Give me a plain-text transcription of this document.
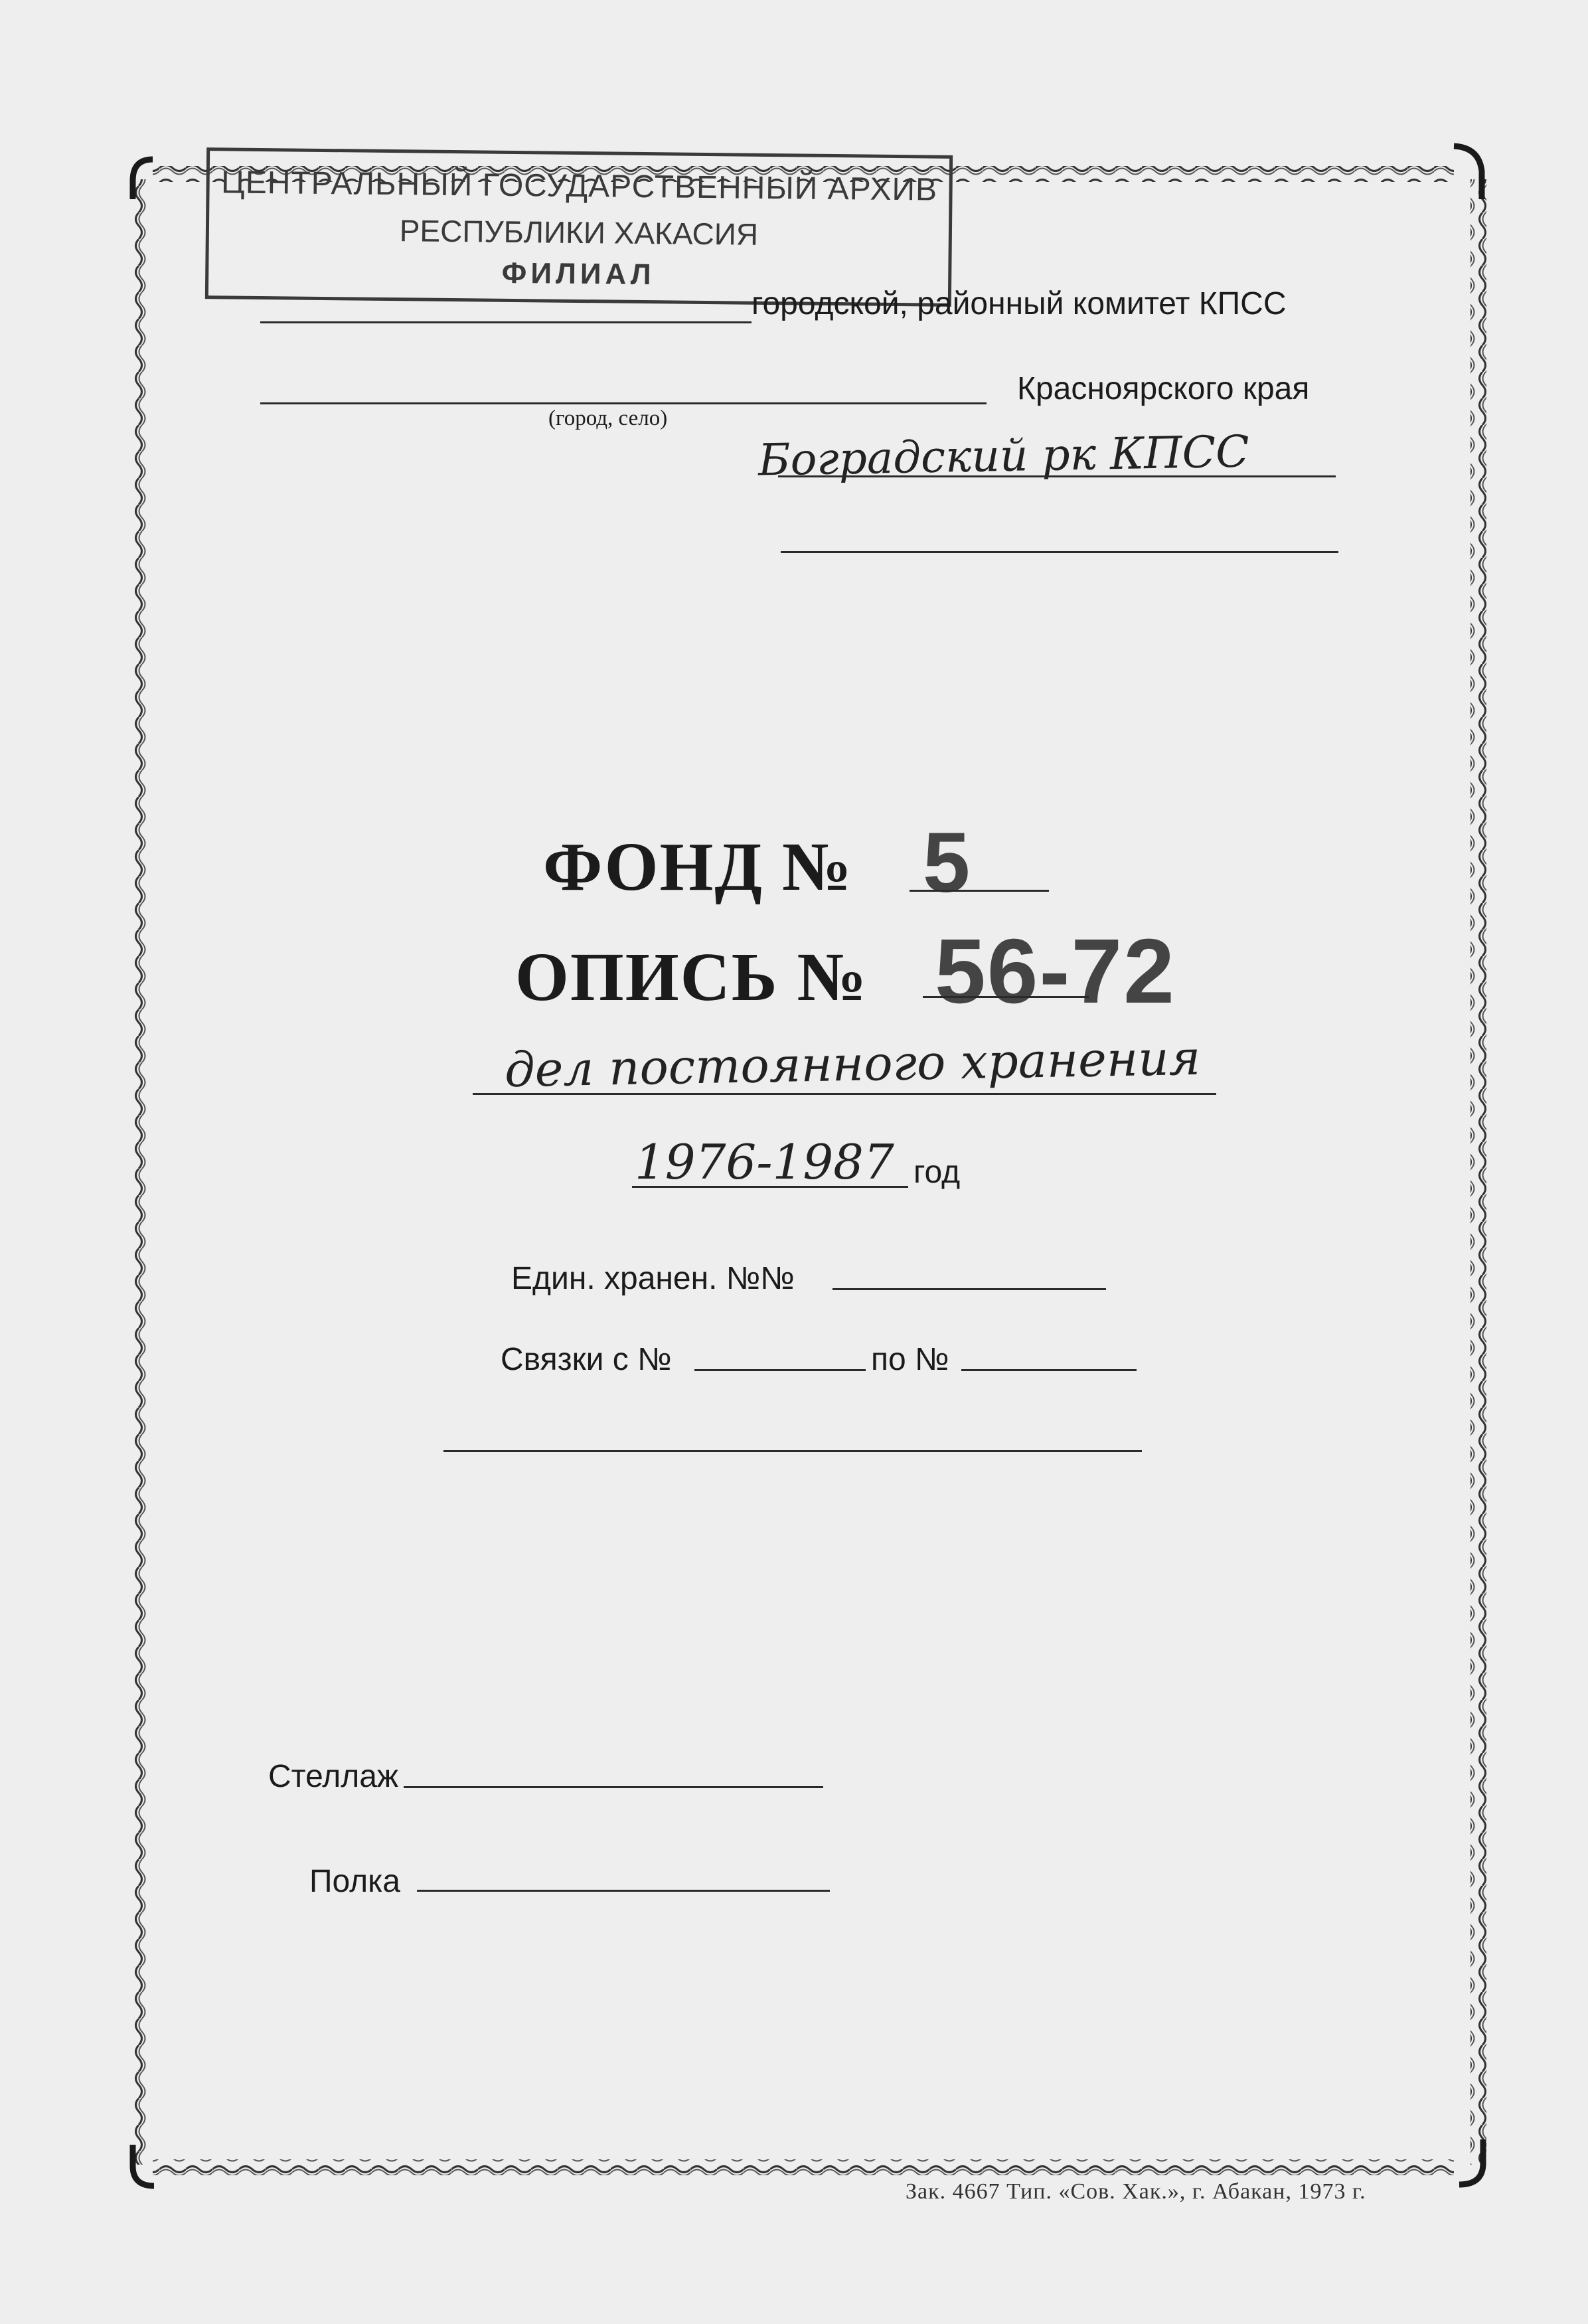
ЦЕНТРАЛЬНЫЙ ГОСУДАРСТВЕННЫЙ АРХИВ
РЕСПУБЛИКИ ХАКАСИЯ
ФИЛИАЛ
городской, районный комитет КПСС
Красноярского края
(город, село)
Боградский рк КПСС
ФОНД № 5
ОПИСЬ № 56-72
дел постоянного хранения
1976-1987 год
Един. хранен. №№
Связки с №	по №
Стеллаж
Полка
Зак. 4667 Тип. «Сов. Хак.», г. Абакан, 1973 г.
